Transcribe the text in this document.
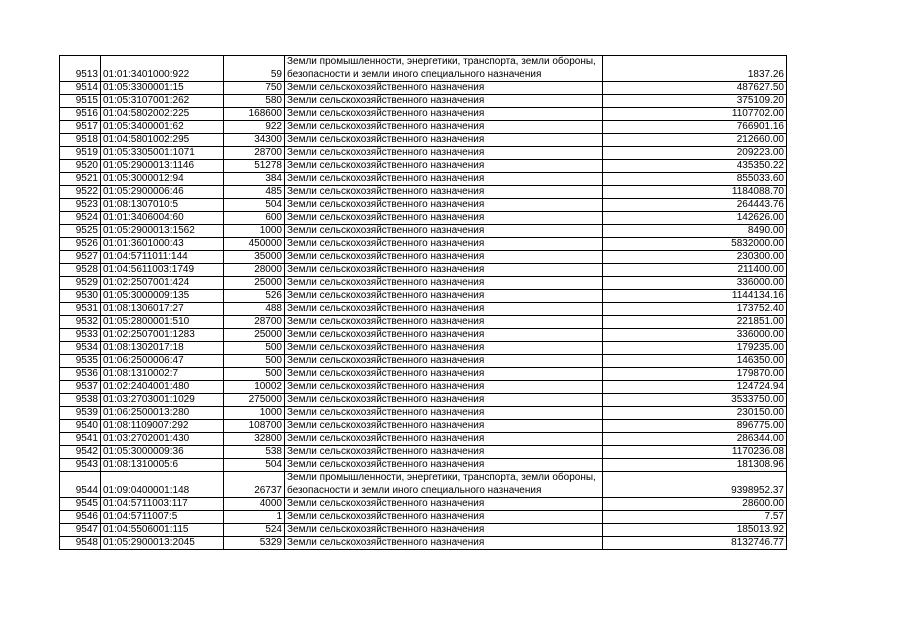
9513	01:01:3401000:922	59	Земли промышленности, энергетики, транспорта, земли обороны, безопасности и земли иного специального назначения	1837.26
9514	01:05:3300001:15	750	Земли сельскохозяйственного назначения	487627.50
9515	01:05:3107001:262	580	Земли сельскохозяйственного назначения	375109.20
9516	01:04:5802002:225	168600	Земли сельскохозяйственного назначения	1107702.00
9517	01:05:3400001:62	922	Земли сельскохозяйственного назначения	766901.16
9518	01:04:5801002:295	34300	Земли сельскохозяйственного назначения	212660.00
9519	01:05:3305001:1071	28700	Земли сельскохозяйственного назначения	209223.00
9520	01:05:2900013:1146	51278	Земли сельскохозяйственного назначения	435350.22
9521	01:05:3000012:94	384	Земли сельскохозяйственного назначения	855033.60
9522	01:05:2900006:46	485	Земли сельскохозяйственного назначения	1184088.70
9523	01:08:1307010:5	504	Земли сельскохозяйственного назначения	264443.76
9524	01:01:3406004:60	600	Земли сельскохозяйственного назначения	142626.00
9525	01:05:2900013:1562	1000	Земли сельскохозяйственного назначения	8490.00
9526	01:01:3601000:43	450000	Земли сельскохозяйственного назначения	5832000.00
9527	01:04:5711011:144	35000	Земли сельскохозяйственного назначения	230300.00
9528	01:04:5611003:1749	28000	Земли сельскохозяйственного назначения	211400.00
9529	01:02:2507001:424	25000	Земли сельскохозяйственного назначения	336000.00
9530	01:05:3000009:135	526	Земли сельскохозяйственного назначения	1144134.16
9531	01:08:1306017:27	488	Земли сельскохозяйственного назначения	173752.40
9532	01:05:2800001:510	28700	Земли сельскохозяйственного назначения	221851.00
9533	01:02:2507001:1283	25000	Земли сельскохозяйственного назначения	336000.00
9534	01:08:1302017:18	500	Земли сельскохозяйственного назначения	179235.00
9535	01:06:2500006:47	500	Земли сельскохозяйственного назначения	146350.00
9536	01:08:1310002:7	500	Земли сельскохозяйственного назначения	179870.00
9537	01:02:2404001:480	10002	Земли сельскохозяйственного назначения	124724.94
9538	01:03:2703001:1029	275000	Земли сельскохозяйственного назначения	3533750.00
9539	01:06:2500013:280	1000	Земли сельскохозяйственного назначения	230150.00
9540	01:08:1109007:292	108700	Земли сельскохозяйственного назначения	896775.00
9541	01:03:2702001:430	32800	Земли сельскохозяйственного назначения	286344.00
9542	01:05:3000009:36	538	Земли сельскохозяйственного назначения	1170236.08
9543	01:08:1310005:6	504	Земли сельскохозяйственного назначения	181308.96
9544	01:09:0400001:148	26737	Земли промышленности, энергетики, транспорта, земли обороны, безопасности и земли иного специального назначения	9398952.37
9545	01:04:5711003:117	4000	Земли сельскохозяйственного назначения	28600.00
9546	01:04:5711007:5	1	Земли сельскохозяйственного назначения	7.57
9547	01:04:5506001:115	524	Земли сельскохозяйственного назначения	185013.92
9548	01:05:2900013:2045	5329	Земли сельскохозяйственного назначения	8132746.77
